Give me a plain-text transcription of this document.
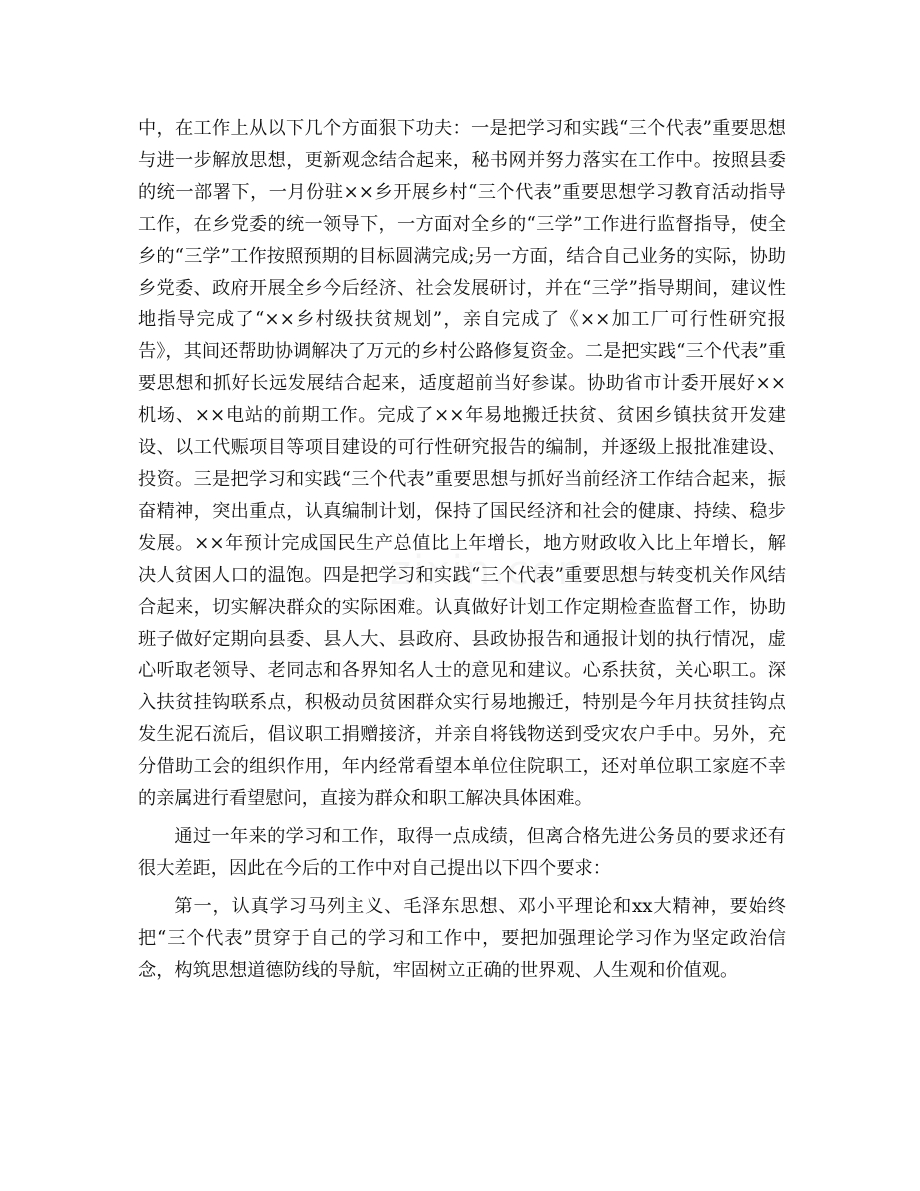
中，在工作上从以下几个方面狠下功夫：一是把学习和实践“三个代表”重要思想与进一步解放思想，更新观念结合起来，秘书网并努力落实在工作中。按照县委的统一部署下，一月份驻××乡开展乡村“三个代表”重要思想学习教育活动指导工作，在乡党委的统一领导下，一方面对全乡的“三学”工作进行监督指导，使全乡的“三学”工作按照预期的目标圆满完成;另一方面，结合自己业务的实际，协助乡党委、政府开展全乡今后经济、社会发展研讨，并在“三学”指导期间，建议性地指导完成了“××乡村级扶贫规划”，亲自完成了《××加工厂可行性研究报告》，其间还帮助协调解决了万元的乡村公路修复资金。二是把实践“三个代表”重要思想和抓好长远发展结合起来，适度超前当好参谋。协助省市计委开展好××机场、××电站的前期工作。完成了××年易地搬迁扶贫、贫困乡镇扶贫开发建设、以工代赈项目等项目建设的可行性研究报告的编制，并逐级上报批准建设、投资。三是把学习和实践“三个代表”重要思想与抓好当前经济工作结合起来，振奋精神，突出重点，认真编制计划，保持了国民经济和社会的健康、持续、稳步发展。××年预计完成国民生产总值比上年增长，地方财政收入比上年增长，解决人贫困人口的温饱。四是把学习和实践“三个代表”重要思想与转变机关作风结合起来，切实解决群众的实际困难。认真做好计划工作定期检查监督工作，协助班子做好定期向县委、县人大、县政府、县政协报告和通报计划的执行情况，虚心听取老领导、老同志和各界知名人士的意见和建议。心系扶贫，关心职工。深入扶贫挂钩联系点，积极动员贫困群众实行易地搬迁，特别是今年月扶贫挂钩点发生泥石流后，倡议职工捐赠接济，并亲自将钱物送到受灾农户手中。另外，充分借助工会的组织作用，年内经常看望本单位住院职工，还对单位职工家庭不幸的亲属进行看望慰问，直接为群众和职工解决具体困难。

通过一年来的学习和工作，取得一点成绩，但离合格先进公务员的要求还有很大差距，因此在今后的工作中对自己提出以下四个要求：

第一，认真学习马列主义、毛泽东思想、邓小平理论和xx大精神，要始终把“三个代表”贯穿于自己的学习和工作中，要把加强理论学习作为坚定政治信念，构筑思想道德防线的导航，牢固树立正确的世界观、人生观和价值观。
